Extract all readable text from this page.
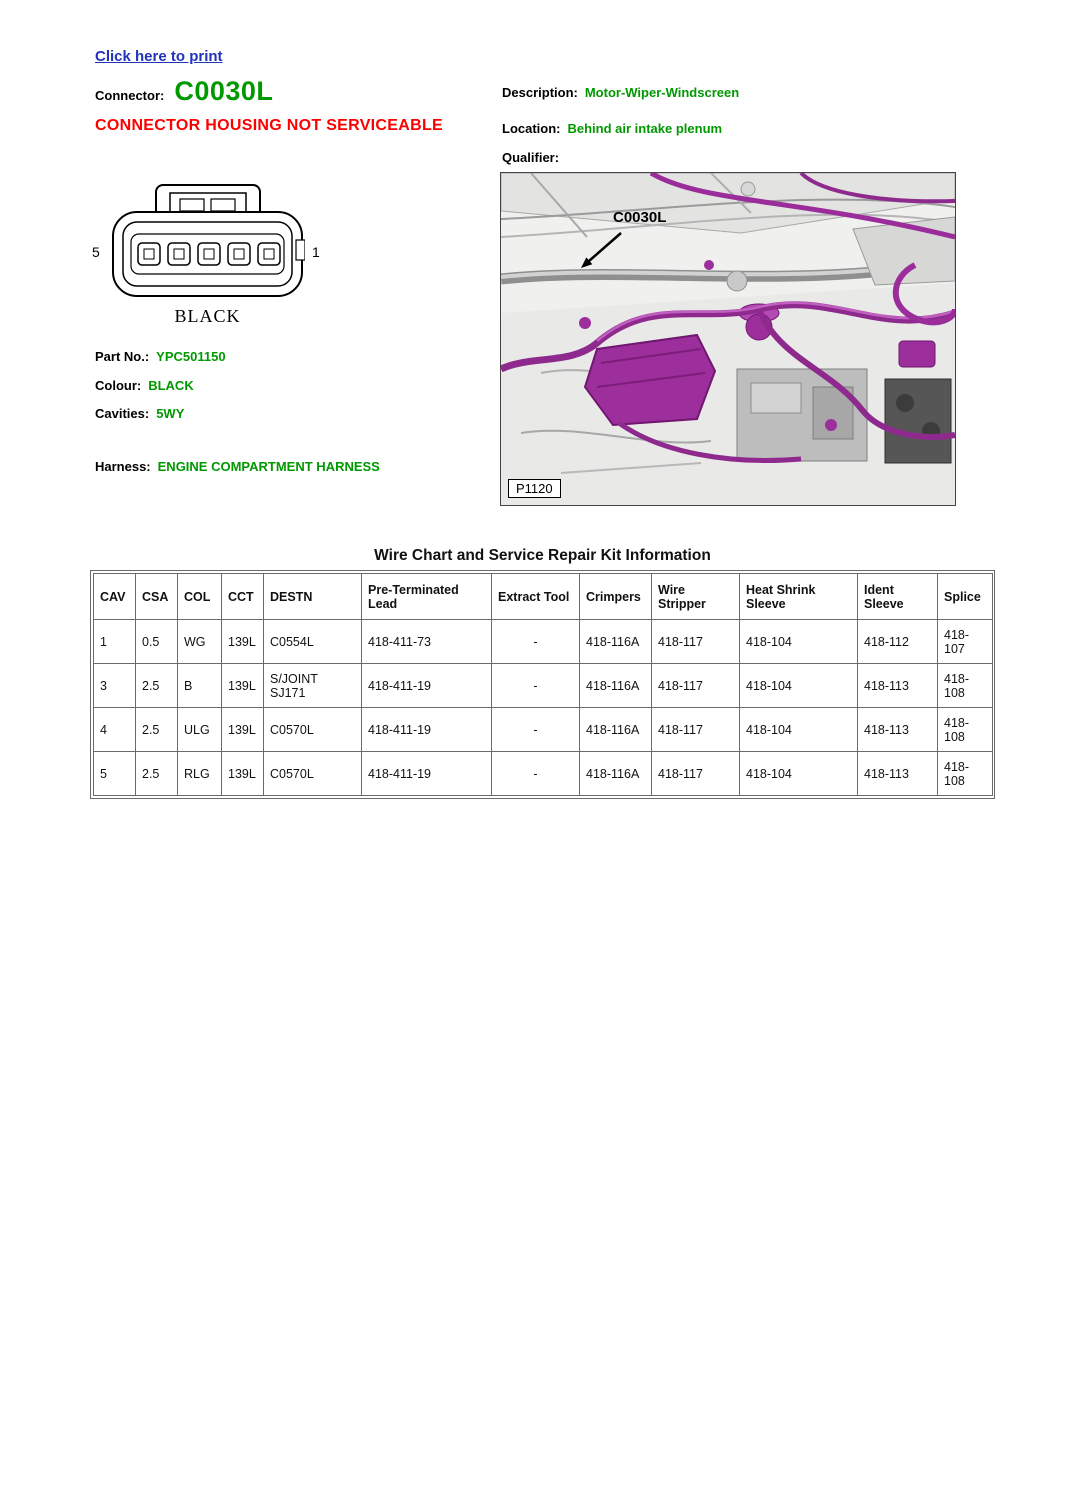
Click here to print
Connector: C0030L
CONNECTOR HOUSING NOT SERVICEABLE
Description: Motor-Wiper-Windscreen
Location: Behind air intake plenum
Qualifier:
5	1
BLACK
Part No.: YPC501150
Colour: BLACK
Cavities: 5WY
Harness: ENGINE COMPARTMENT HARNESS
C0030L
P1120
Wire Chart and Service Repair Kit Information
CAV	CSA	COL	CCT	DESTN	Pre-Terminated Lead	Extract Tool	Crimpers	Wire Stripper	Heat Shrink Sleeve	Ident Sleeve	Splice
1	0.5	WG	139L	C0554L	418-411-73	-	418-116A	418-117	418-104	418-112	418-107
3	2.5	B	139L	S/JOINT SJ171	418-411-19	-	418-116A	418-117	418-104	418-113	418-108
4	2.5	ULG	139L	C0570L	418-411-19	-	418-116A	418-117	418-104	418-113	418-108
5	2.5	RLG	139L	C0570L	418-411-19	-	418-116A	418-117	418-104	418-113	418-108
